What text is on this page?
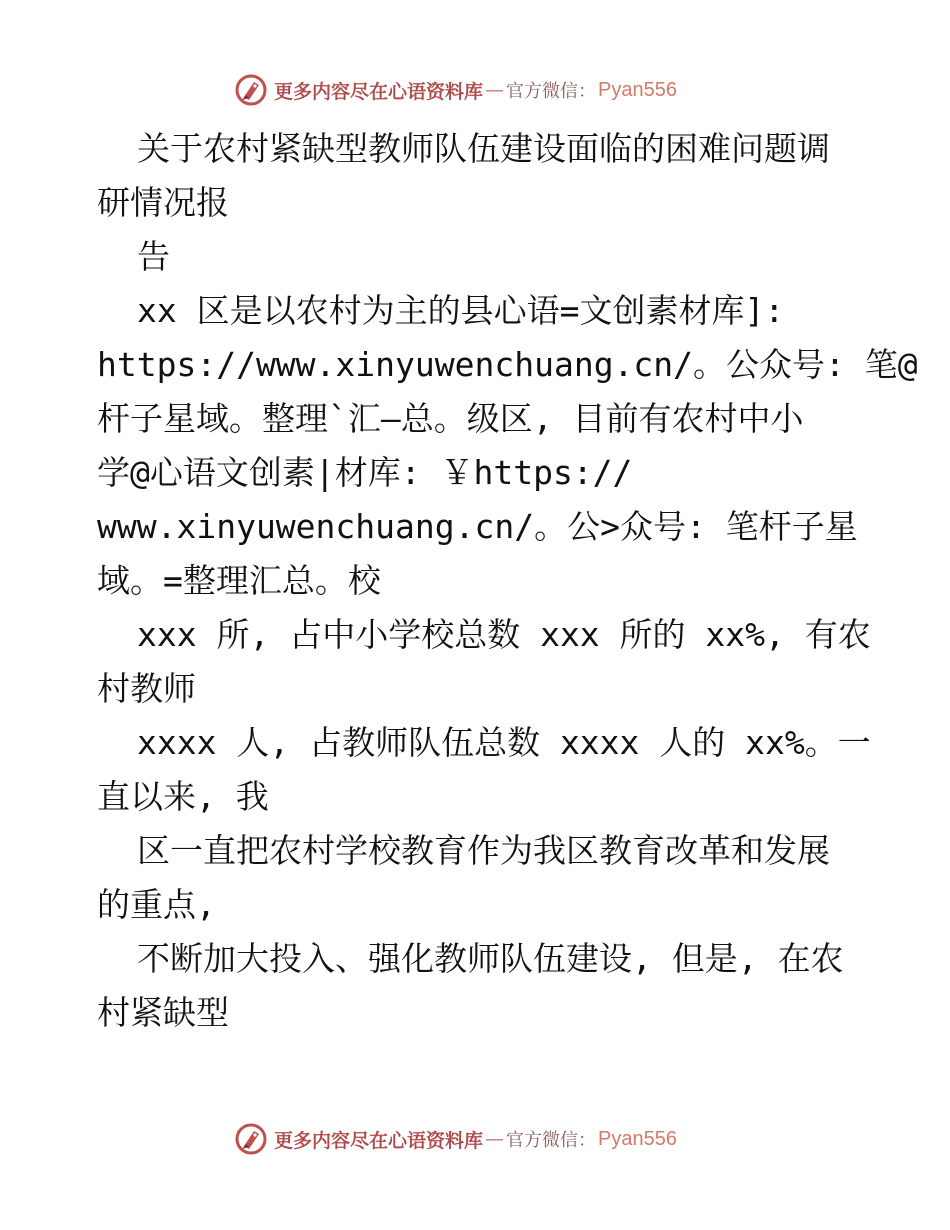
更多内容尽在心语资料库 — 官方微信： Pyan556
关于农村紧缺型教师队伍建设面临的困难问题调
研情况报
告
xx 区是以农村为主的县心语=文创素材库]:
https://www.xinyuwenchuang.cn/。公众号: 笔@
杆子星域。整理`汇—总。级区, 目前有农村中小
学@心语文创素|材库: ￥https://
www.xinyuwenchuang.cn/。公>众号: 笔杆子星
域。=整理汇总。校
xxx 所, 占中小学校总数 xxx 所的 xx%, 有农
村教师
xxxx 人, 占教师队伍总数 xxxx 人的 xx%。一
直以来, 我
区一直把农村学校教育作为我区教育改革和发展
的重点,
不断加大投入、强化教师队伍建设, 但是, 在农
村紧缺型
更多内容尽在心语资料库 — 官方微信： Pyan556
